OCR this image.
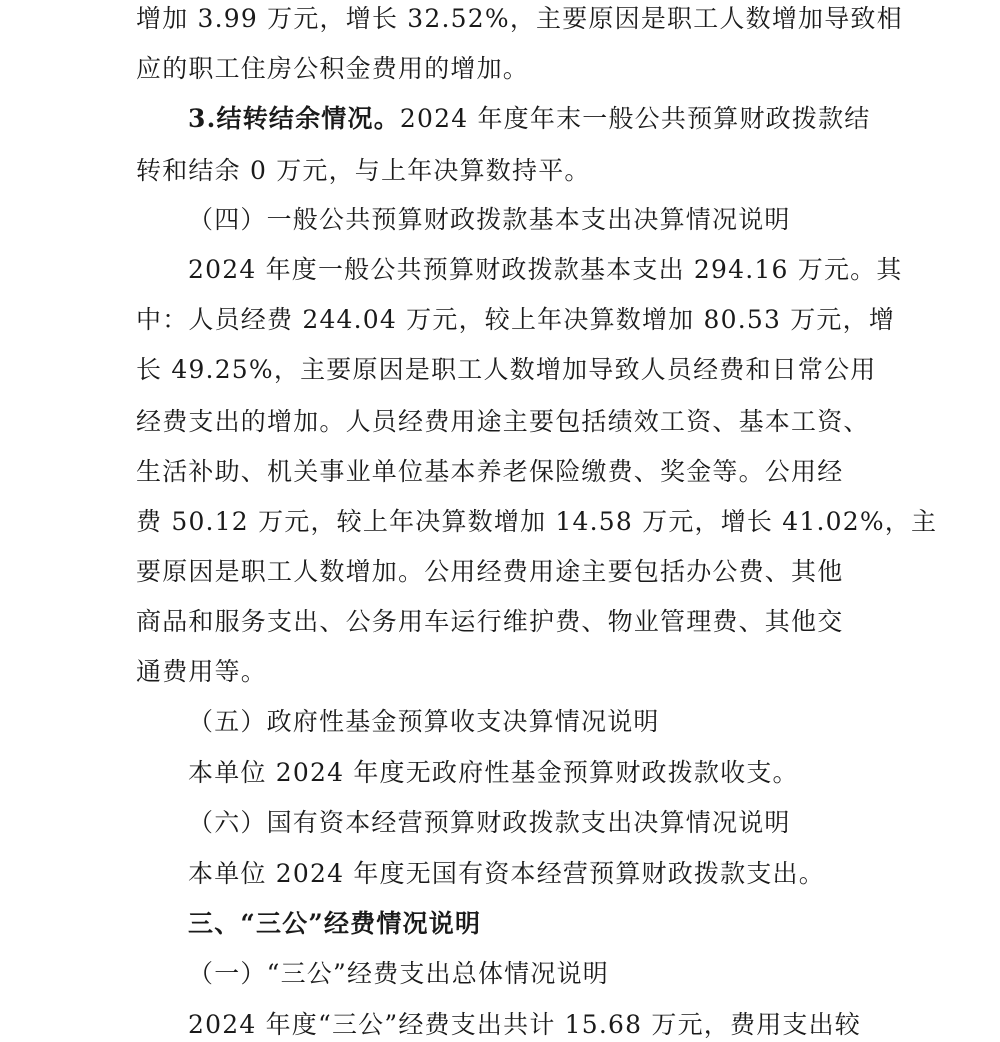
增加 3.99 万元，增长 32.52%，主要原因是职工人数增加导致相
应的职工住房公积金费用的增加。
3.结转结余情况。2024 年度年末一般公共预算财政拨款结
转和结余 0 万元，与上年决算数持平。
（四）一般公共预算财政拨款基本支出决算情况说明
2024 年度一般公共预算财政拨款基本支出 294.16 万元。其
中：人员经费 244.04 万元，较上年决算数增加 80.53 万元，增
长 49.25%，主要原因是职工人数增加导致人员经费和日常公用
经费支出的增加。人员经费用途主要包括绩效工资、基本工资、
生活补助、机关事业单位基本养老保险缴费、奖金等。公用经
费 50.12 万元，较上年决算数增加 14.58 万元，增长 41.02%，主
要原因是职工人数增加。公用经费用途主要包括办公费、其他
商品和服务支出、公务用车运行维护费、物业管理费、其他交
通费用等。
（五）政府性基金预算收支决算情况说明
本单位 2024 年度无政府性基金预算财政拨款收支。
（六）国有资本经营预算财政拨款支出决算情况说明
本单位 2024 年度无国有资本经营预算财政拨款支出。
三、“三公”经费情况说明
（一）“三公”经费支出总体情况说明
2024 年度“三公”经费支出共计 15.68 万元，费用支出较
